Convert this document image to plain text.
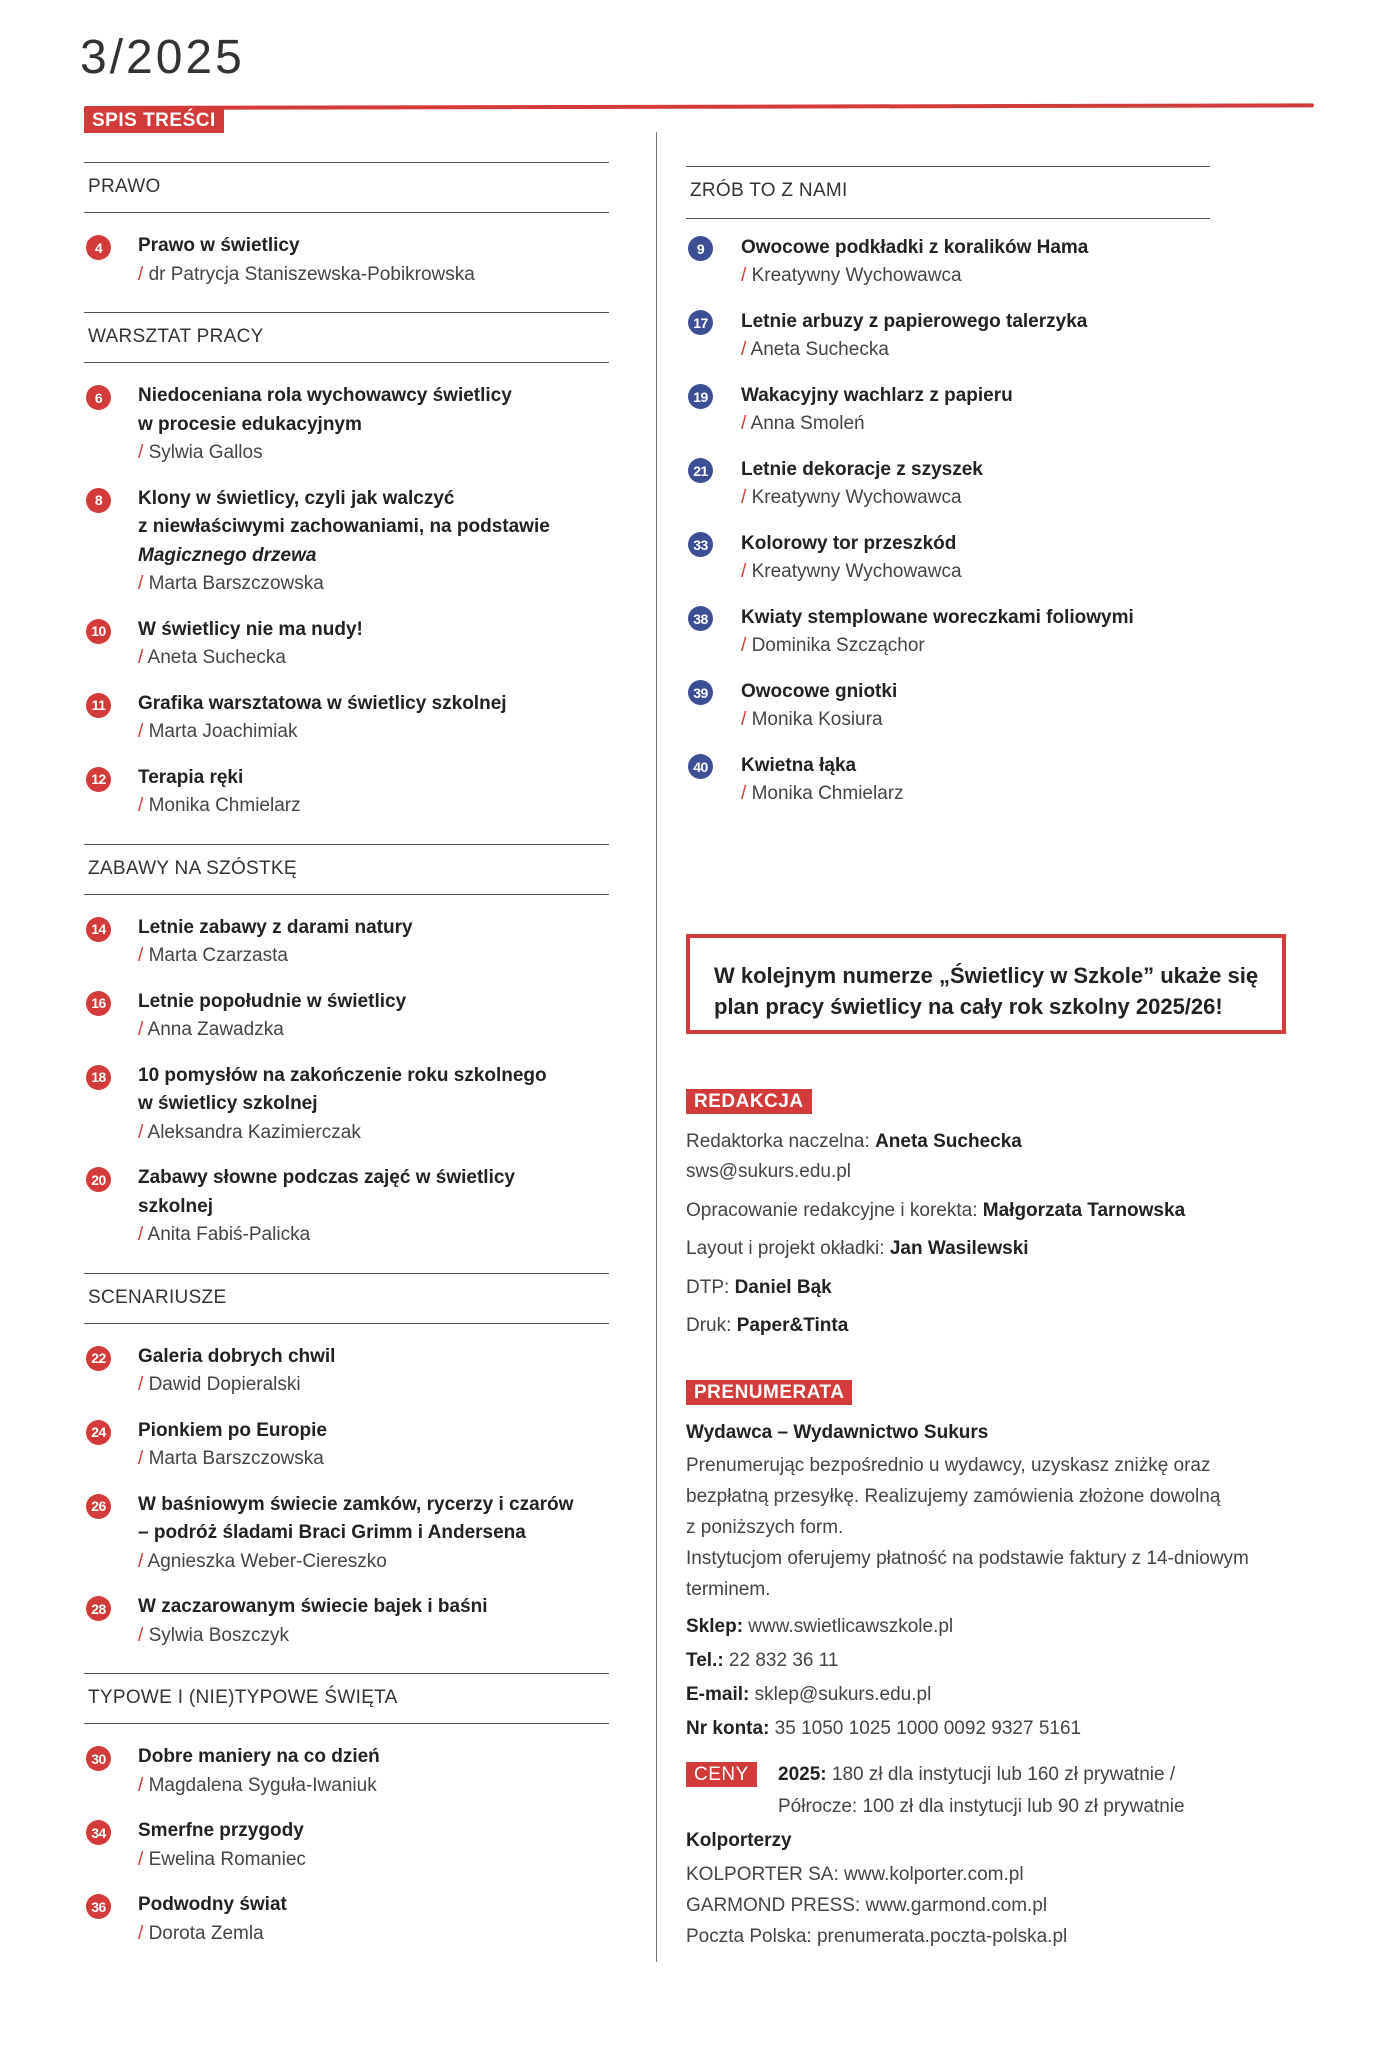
3/2025
SPIS TREŚCI
PRAWO
4	Prawo w świetlicy
/ dr Patrycja Staniszewska-Pobikrowska
WARSZTAT PRACY
6	Niedoceniana rola wychowawcy świetlicy
w procesie edukacyjnym
/ Sylwia Gallos
8	Klony w świetlicy, czyli jak walczyć
z niewłaściwymi zachowaniami, na podstawie
Magicznego drzewa
/ Marta Barszczowska
10 W świetlicy nie ma nudy!
/ Aneta Suchecka
11 Grafika warsztatowa w świetlicy szkolnej
/ Marta Joachimiak
12 Terapia ręki
/ Monika Chmielarz
ZABAWY NA SZÓSTKĘ
14 Letnie zabawy z darami natury
/ Marta Czarzasta
16 Letnie popołudnie w świetlicy
/ Anna Zawadzka
18 10 pomysłów na zakończenie roku szkolnego
w świetlicy szkolnej
/ Aleksandra Kazimierczak
20 Zabawy słowne podczas zajęć w świetlicy
szkolnej
/ Anita Fabiś-Palicka
SCENARIUSZE
22 Galeria dobrych chwil
/ Dawid Dopieralski
24 Pionkiem po Europie
/ Marta Barszczowska
26 W baśniowym świecie zamków, rycerzy i czarów
– podróż śladami Braci Grimm i Andersena
/ Agnieszka Weber-Ciereszko
28 W zaczarowanym świecie bajek i baśni
/ Sylwia Boszczyk
TYPOWE I (NIE)TYPOWE ŚWIĘTA
30 Dobre maniery na co dzień
/ Magdalena Syguła-Iwaniuk
34 Smerfne przygody
/ Ewelina Romaniec
36 Podwodny świat
/ Dorota Zemla
ZRÓB TO Z NAMI
9	Owocowe podkładki z koralików Hama
/ Kreatywny Wychowawca
17 Letnie arbuzy z papierowego talerzyka
/ Aneta Suchecka
19 Wakacyjny wachlarz z papieru
/ Anna Smoleń
21 Letnie dekoracje z szyszek
/ Kreatywny Wychowawca
33 Kolorowy tor przeszkód
/ Kreatywny Wychowawca
38 Kwiaty stemplowane woreczkami foliowymi
/ Dominika Szcząchor
39 Owocowe gniotki
/ Monika Kosiura
40 Kwietna łąka
/ Monika Chmielarz
W kolejnym numerze „Świetlicy w Szkole” ukaże się
plan pracy świetlicy na cały rok szkolny 2025/26!
REDAKCJA
Redaktorka naczelna: Aneta Suchecka
sws@sukurs.edu.pl
Opracowanie redakcyjne i korekta: Małgorzata Tarnowska
Layout i projekt okładki: Jan Wasilewski
DTP: Daniel Bąk
Druk: Paper&Tinta
PRENUMERATA
Wydawca – Wydawnictwo Sukurs
Prenumerując bezpośrednio u wydawcy, uzyskasz zniżkę oraz
bezpłatną przesyłkę. Realizujemy zamówienia złożone dowolną
z poniższych form.
Instytucjom oferujemy płatność na podstawie faktury z 14-dniowym
terminem.
Sklep: www.swietlicawszkole.pl
Tel.: 22 832 36 11
E-mail: sklep@sukurs.edu.pl
Nr konta: 35 1050 1025 1000 0092 9327 5161
CENY	2025: 180 zł dla instytucji lub 160 zł prywatnie /
Półrocze: 100 zł dla instytucji lub 90 zł prywatnie
Kolporterzy
KOLPORTER SA: www.kolporter.com.pl
GARMOND PRESS: www.garmond.com.pl
Poczta Polska: prenumerata.poczta-polska.pl
